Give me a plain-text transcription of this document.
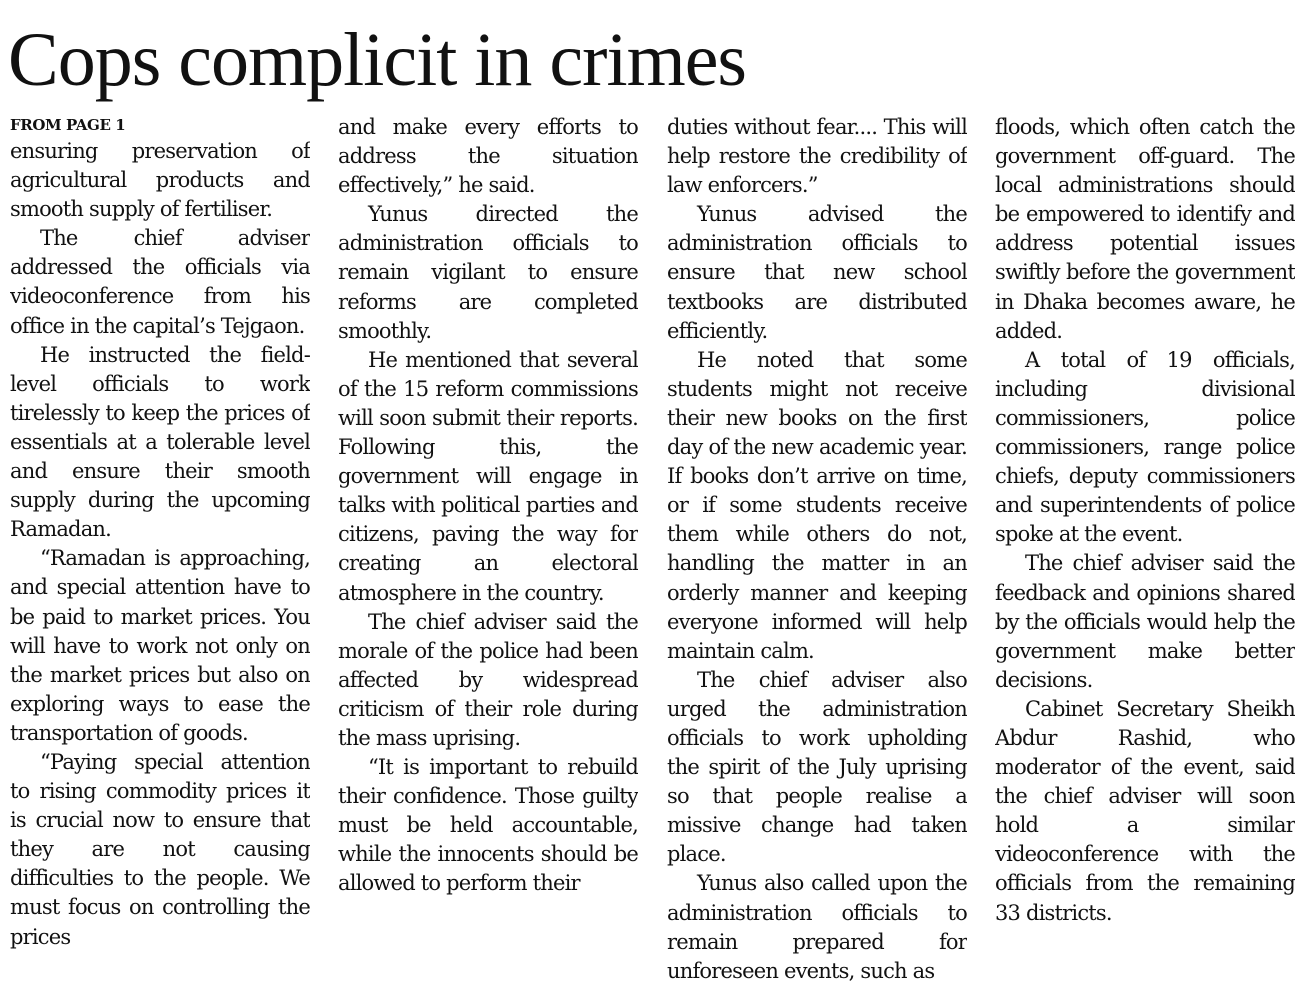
Cops complicit in crimes
FROM PAGE 1

ensuring preservation of agricultural products and smooth supply of fertiliser.

The chief adviser addressed the officials via videoconference from his office in the capital’s Tejgaon.

He instructed the field-level officials to work tirelessly to keep the prices of essentials at a tolerable level and ensure their smooth supply during the upcoming Ramadan.

“Ramadan is approaching, and special attention have to be paid to market prices. You will have to work not only on the market prices but also on exploring ways to ease the transportation of goods.

“Paying special attention to rising commodity prices it is crucial now to ensure that they are not causing difficulties to the people. We must focus on controlling the prices

and make every efforts to address the situation effectively,” he said.

Yunus directed the administration officials to remain vigilant to ensure reforms are completed smoothly.

He mentioned that several of the 15 reform commissions will soon submit their reports. Following this, the government will engage in talks with political parties and citizens, paving the way for creating an electoral atmosphere in the country.

The chief adviser said the morale of the police had been affected by widespread criticism of their role during the mass uprising.

“It is important to rebuild their confidence. Those guilty must be held accountable, while the innocents should be allowed to perform their

duties without fear.... This will help restore the credibility of law enforcers.”

Yunus advised the administration officials to ensure that new school textbooks are distributed efficiently.

He noted that some students might not receive their new books on the first day of the new academic year. If books don’t arrive on time, or if some students receive them while others do not, handling the matter in an orderly manner and keeping everyone informed will help maintain calm.

The chief adviser also urged the administration officials to work upholding the spirit of the July uprising so that people realise a missive change had taken place.

Yunus also called upon the administration officials to remain prepared for unforeseen events, such as

floods, which often catch the government off-guard. The local administrations should be empowered to identify and address potential issues swiftly before the government in Dhaka becomes aware, he added.

A total of 19 officials, including divisional commissioners, police commissioners, range police chiefs, deputy commissioners and superintendents of police spoke at the event.

The chief adviser said the feedback and opinions shared by the officials would help the government make better decisions.

Cabinet Secretary Sheikh Abdur Rashid, who moderator of the event, said the chief adviser will soon hold a similar videoconference with the officials from the remaining 33 districts.
